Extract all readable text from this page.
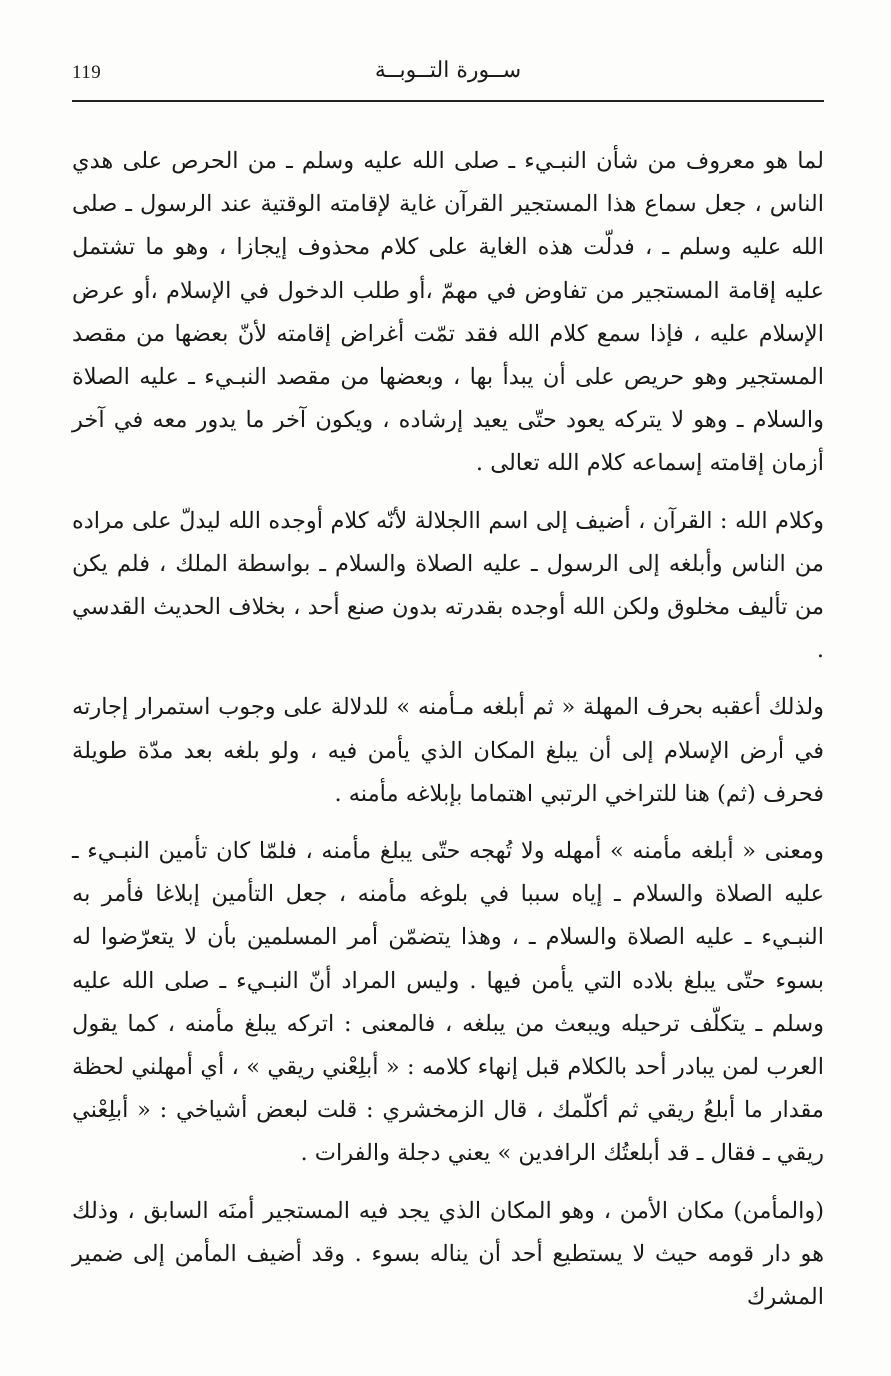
119	ســورة التــوبــة

لما هو معروف من شأن النبـيء ـ صلى الله عليه وسلم ـ من الحرص على هدي الناس ، جعل سماع هذا المستجير القرآن غاية لإقامته الوقتية عند الرسول ـ صلى الله عليه وسلم ـ ، فدلّت هذه الغاية على كلام محذوف إيجازا ، وهو ما تشتمل عليه إقامة المستجير من تفاوض في مهمّ ،أو طلب الدخول في الإسلام ،أو عرض الإسلام عليه ، فإذا سمع كلام الله فقد تمّت أغراض إقامته لأنّ بعضها من مقصد المستجير وهو حريص على أن يبدأ بها ، وبعضها من مقصد النبـيء ـ عليه الصلاة والسلام ـ وهو لا يتركه يعود حتّى يعيد إرشاده ، ويكون آخر ما يدور معه في آخر أزمان إقامته إسماعه كلام الله تعالى .

وكلام الله : القرآن ، أضيف إلى اسم االجلالة لأنّه كلام أوجده الله ليدلّ على مراده من الناس وأبلغه إلى الرسول ـ عليه الصلاة والسلام ـ بواسطة الملك ، فلم يكن من تأليف مخلوق ولكن الله أوجده بقدرته بدون صنع أحد ، بخلاف الحديث القدسي .

ولذلك أعقبه بحرف المهلة « ثم أبلغه مـأمنه » للدلالة على وجوب استمرار إجارته في أرض الإسلام إلى أن يبلغ المكان الذي يأمن فيه ، ولو بلغه بعد مدّة طويلة فحرف (ثم) هنا للتراخي الرتبي اهتماما بإبلاغه مأمنه .

ومعنى « أبلغه مأمنه » أمهله ولا تُهجه حتّى يبلغ مأمنه ، فلمّا كان تأمين النبـيء ـ عليه الصلاة والسلام ـ إياه سببا في بلوغه مأمنه ، جعل التأمين إبلاغا فأمر به النبـيء ـ عليه الصلاة والسلام ـ ، وهذا يتضمّن أمر المسلمين بأن لا يتعرّضوا له بسوء حتّى يبلغ بلاده التي يأمن فيها . وليس المراد أنّ النبـيء ـ صلى الله عليه وسلم ـ يتكلّف ترحيله ويبعث من يبلغه ، فالمعنى : اتركه يبلغ مأمنه ، كما يقول العرب لمن يبادر أحد بالكلام قبل إنهاء كلامه : « أبلِعْني ريقي » ، أي أمهلني لحظة مقدار ما أبلعُ ريقي ثم أكلّمك ، قال الزمخشري : قلت لبعض أشياخي : « أبلِعْني ريقي ـ فقال ـ قد أبلعتُك الرافدين » يعني دجلة والفرات .

(والمأمن) مكان الأمن ، وهو المكان الذي يجد فيه المستجير أمنَه السابق ، وذلك هو دار قومه حيث لا يستطيع أحد أن يناله بسوء . وقد أضيف المأمن إلى ضمير المشرك
